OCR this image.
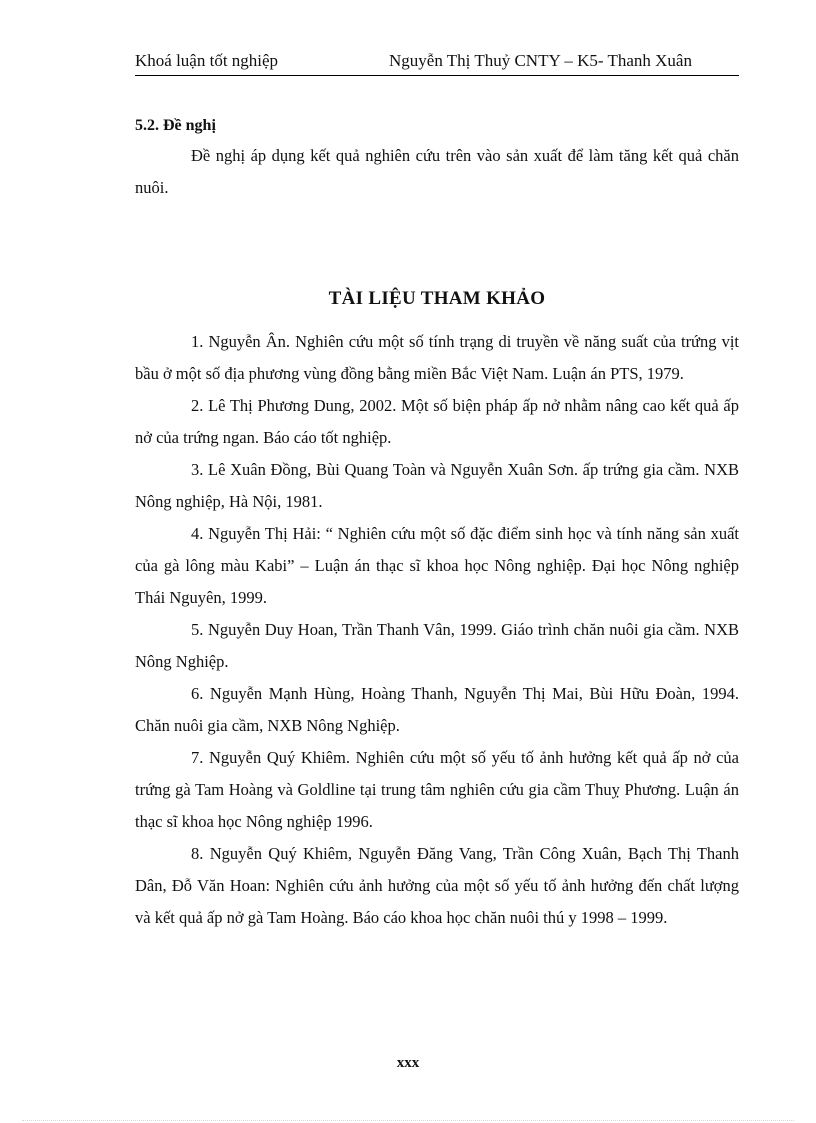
Khoá luận tốt nghiệp	Nguyễn Thị Thuỷ CNTY – K5- Thanh Xuân

5.2. Đề nghị

Đề nghị áp dụng kết quả nghiên cứu trên vào sản xuất để làm tăng kết quả chăn nuôi.

TÀI LIỆU THAM KHẢO

1. Nguyễn Ân. Nghiên cứu một số tính trạng di truyền về năng suất của trứng vịt bầu ở một số địa phương vùng đồng bằng miền Bắc Việt Nam. Luận án PTS, 1979.

2. Lê Thị Phương Dung, 2002. Một số biện pháp ấp nở nhằm nâng cao kết quả ấp nở của trứng ngan. Báo cáo tốt nghiệp.

3. Lê Xuân Đồng, Bùi Quang Toàn và Nguyễn Xuân Sơn. ấp trứng gia cầm. NXB Nông nghiệp, Hà Nội, 1981.

4. Nguyễn Thị Hải: “ Nghiên cứu một số đặc điểm sinh học và tính năng sản xuất của gà lông màu Kabi” – Luận án thạc sĩ khoa học Nông nghiệp. Đại học Nông nghiệp Thái Nguyên, 1999.

5. Nguyễn Duy Hoan, Trần Thanh Vân, 1999. Giáo trình chăn nuôi gia cầm. NXB Nông Nghiệp.

6. Nguyễn Mạnh Hùng, Hoàng Thanh, Nguyễn Thị Mai, Bùi Hữu Đoàn, 1994. Chăn nuôi gia cầm, NXB Nông Nghiệp.

7. Nguyễn Quý Khiêm. Nghiên cứu một số yếu tố ảnh hưởng kết quả ấp nở của trứng gà Tam Hoàng và Goldline tại trung tâm nghiên cứu gia cầm Thuỵ Phương. Luận án thạc sĩ khoa học Nông nghiệp 1996.

8. Nguyễn Quý Khiêm, Nguyễn Đăng Vang, Trần Công Xuân, Bạch Thị Thanh Dân, Đỗ Văn Hoan: Nghiên cứu ảnh hưởng của một số yếu tố ảnh hưởng đến chất lượng và kết quả ấp nở gà Tam Hoàng. Báo cáo khoa học chăn nuôi thú y 1998 – 1999.

xxx
